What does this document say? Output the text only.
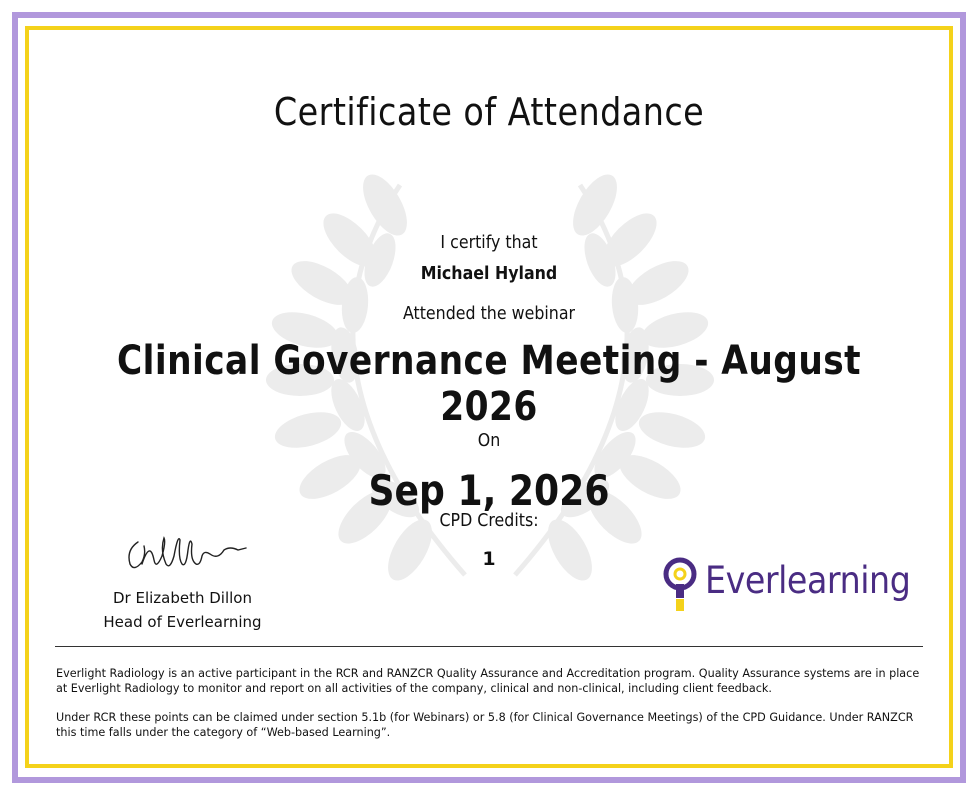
Certificate of Attendance
I certify that
Michael Hyland
Attended the webinar
Clinical Governance Meeting - August 2026
On
Sep 1, 2026
CPD Credits:
1
Dr Elizabeth Dillon
Head of Everlearning
Everlearning
Everlight Radiology is an active participant in the RCR and RANZCR Quality Assurance and Accreditation program. Quality Assurance systems are in place at Everlight Radiology to monitor and report on all activities of the company, clinical and non-clinical, including client feedback.
Under RCR these points can be claimed under section 5.1b (for Webinars) or 5.8 (for Clinical Governance Meetings) of the CPD Guidance. Under RANZCR this time falls under the category of “Web-based Learning”.
